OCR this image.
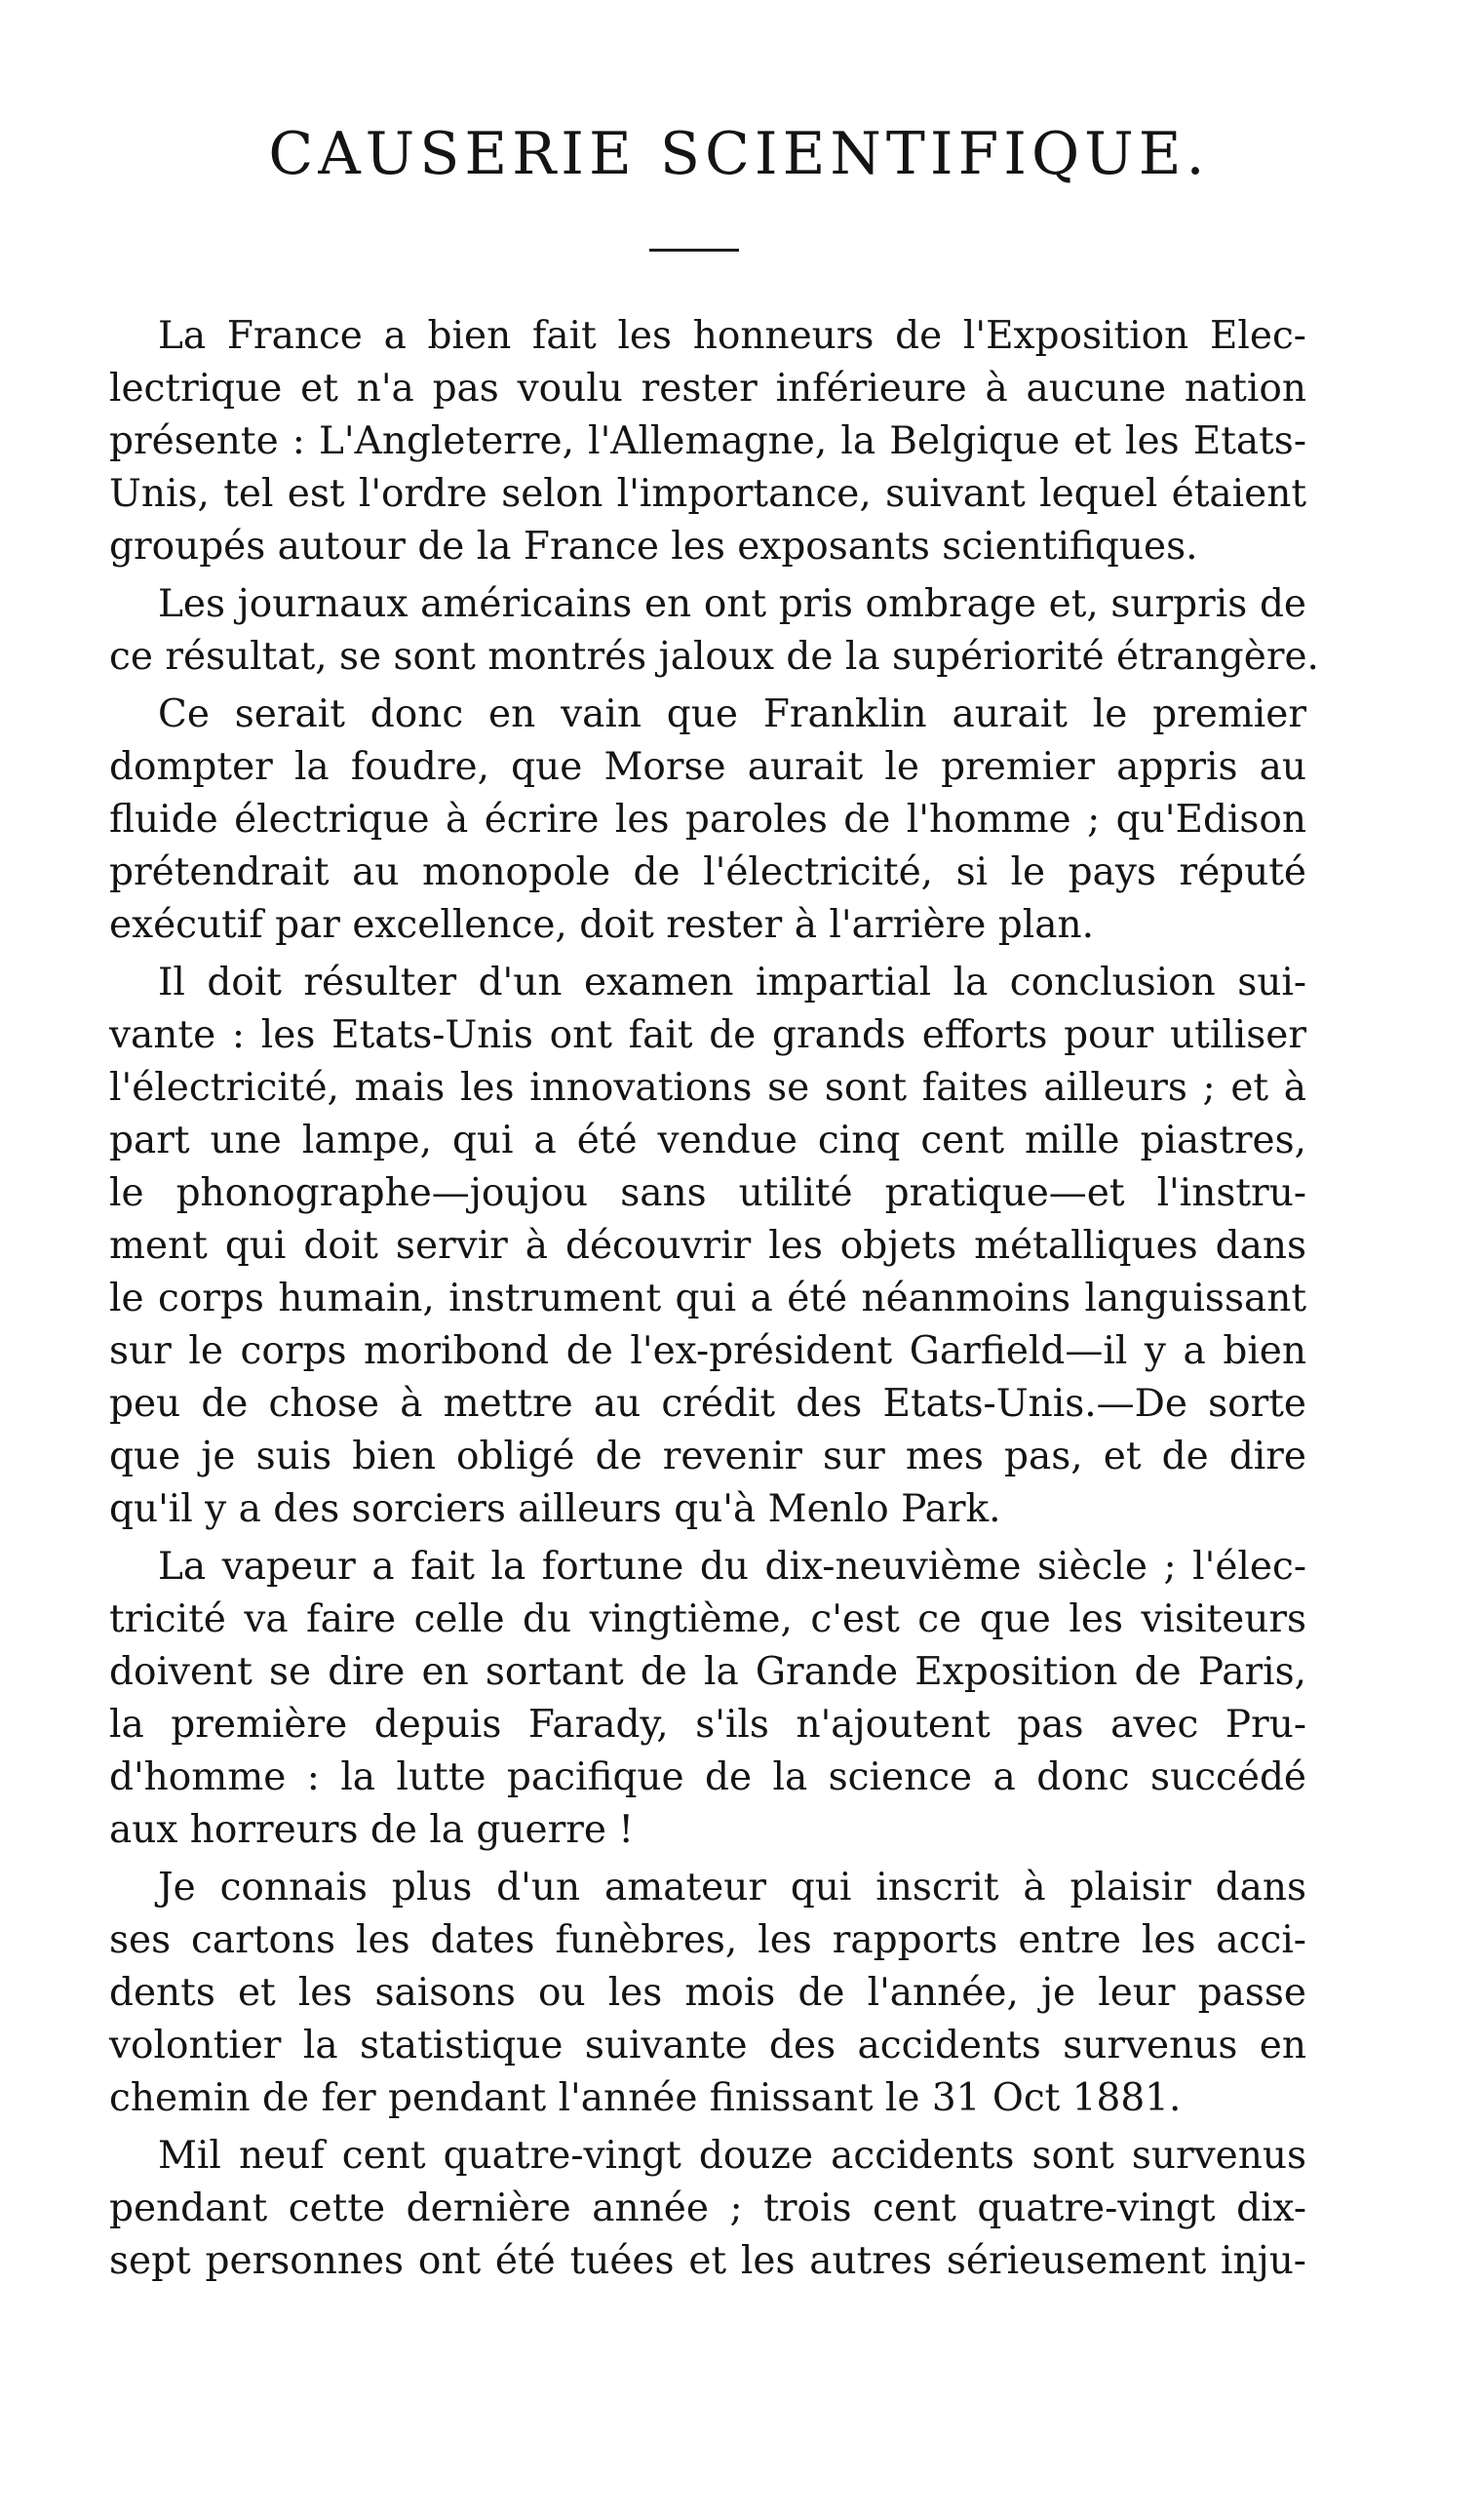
CAUSERIE SCIENTIFIQUE.
La France a bien fait les honneurs de l'Exposition Elec-
lectrique et n'a pas voulu rester inférieure à aucune nation
présente : L'Angleterre, l'Allemagne, la Belgique et les Etats-
Unis, tel est l'ordre selon l'importance, suivant lequel étaient
groupés autour de la France les exposants scientifiques.
Les journaux américains en ont pris ombrage et, surpris de
ce résultat, se sont montrés jaloux de la supériorité étrangère.
Ce serait donc en vain que Franklin aurait le premier
dompter la foudre, que Morse aurait le premier appris au
fluide électrique à écrire les paroles de l'homme ; qu'Edison
prétendrait au monopole de l'électricité, si le pays réputé
exécutif par excellence, doit rester à l'arrière plan.
Il doit résulter d'un examen impartial la conclusion sui-
vante : les Etats-Unis ont fait de grands efforts pour utiliser
l'électricité, mais les innovations se sont faites ailleurs ; et à
part une lampe, qui a été vendue cinq cent mille piastres,
le phonographe—joujou sans utilité pratique—et l'instru-
ment qui doit servir à découvrir les objets métalliques dans
le corps humain, instrument qui a été néanmoins languissant
sur le corps moribond de l'ex-président Garfield—il y a bien
peu de chose à mettre au crédit des Etats-Unis.—De sorte
que je suis bien obligé de revenir sur mes pas, et de dire
qu'il y a des sorciers ailleurs qu'à Menlo Park.
La vapeur a fait la fortune du dix-neuvième siècle ; l'élec-
tricité va faire celle du vingtième, c'est ce que les visiteurs
doivent se dire en sortant de la Grande Exposition de Paris,
la première depuis Farady, s'ils n'ajoutent pas avec Pru-
d'homme : la lutte pacifique de la science a donc succédé
aux horreurs de la guerre !
Je connais plus d'un amateur qui inscrit à plaisir dans
ses cartons les dates funèbres, les rapports entre les acci-
dents et les saisons ou les mois de l'année, je leur passe
volontier la statistique suivante des accidents survenus en
chemin de fer pendant l'année finissant le 31 Oct 1881.
Mil neuf cent quatre-vingt douze accidents sont survenus
pendant cette dernière année ; trois cent quatre-vingt dix-
sept personnes ont été tuées et les autres sérieusement inju-
